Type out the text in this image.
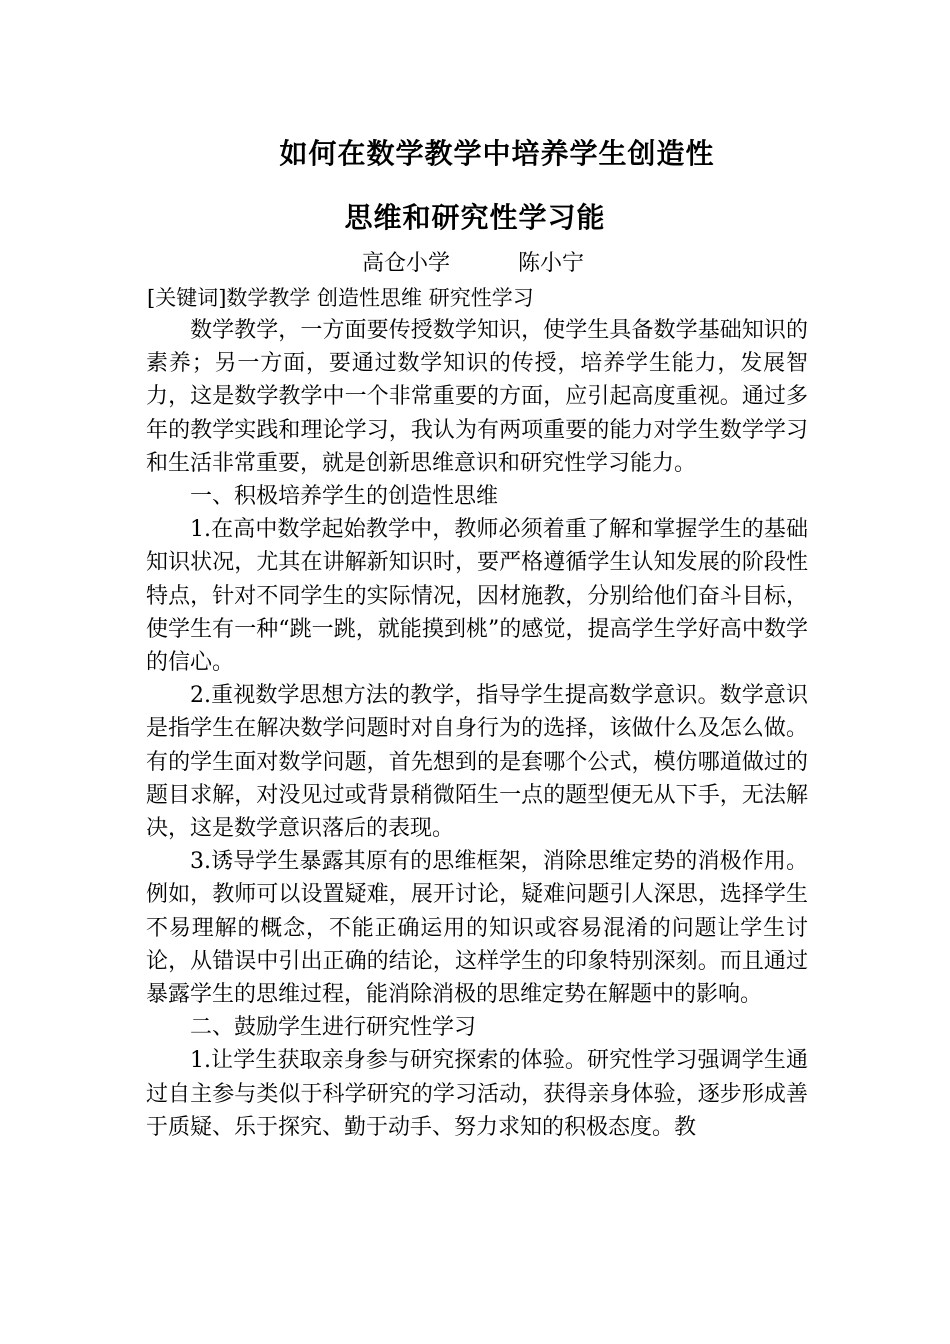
如何在数学教学中培养学生创造性
思维和研究性学习能
高仓小学	陈小宁
[关键词]数学教学 创造性思维 研究性学习

数学教学，一方面要传授数学知识，使学生具备数学基础知识的素养；另一方面，要通过数学知识的传授，培养学生能力，发展智力，这是数学教学中一个非常重要的方面，应引起高度重视。通过多年的教学实践和理论学习，我认为有两项重要的能力对学生数学学习和生活非常重要，就是创新思维意识和研究性学习能力。

一、积极培养学生的创造性思维

1.在高中数学起始教学中，教师必须着重了解和掌握学生的基础知识状况，尤其在讲解新知识时，要严格遵循学生认知发展的阶段性特点，针对不同学生的实际情况，因材施教，分别给他们奋斗目标，使学生有一种“跳一跳，就能摸到桃”的感觉，提高学生学好高中数学的信心。

2.重视数学思想方法的教学，指导学生提高数学意识。数学意识是指学生在解决数学问题时对自身行为的选择，该做什么及怎么做。有的学生面对数学问题，首先想到的是套哪个公式，模仿哪道做过的题目求解，对没见过或背景稍微陌生一点的题型便无从下手，无法解决，这是数学意识落后的表现。

3.诱导学生暴露其原有的思维框架，消除思维定势的消极作用。例如，教师可以设置疑难，展开讨论，疑难问题引人深思，选择学生不易理解的概念，不能正确运用的知识或容易混淆的问题让学生讨论，从错误中引出正确的结论，这样学生的印象特别深刻。而且通过暴露学生的思维过程，能消除消极的思维定势在解题中的影响。

二、鼓励学生进行研究性学习

1.让学生获取亲身参与研究探索的体验。研究性学习强调学生通过自主参与类似于科学研究的学习活动，获得亲身体验，逐步形成善于质疑、乐于探究、勤于动手、努力求知的积极态度。教
